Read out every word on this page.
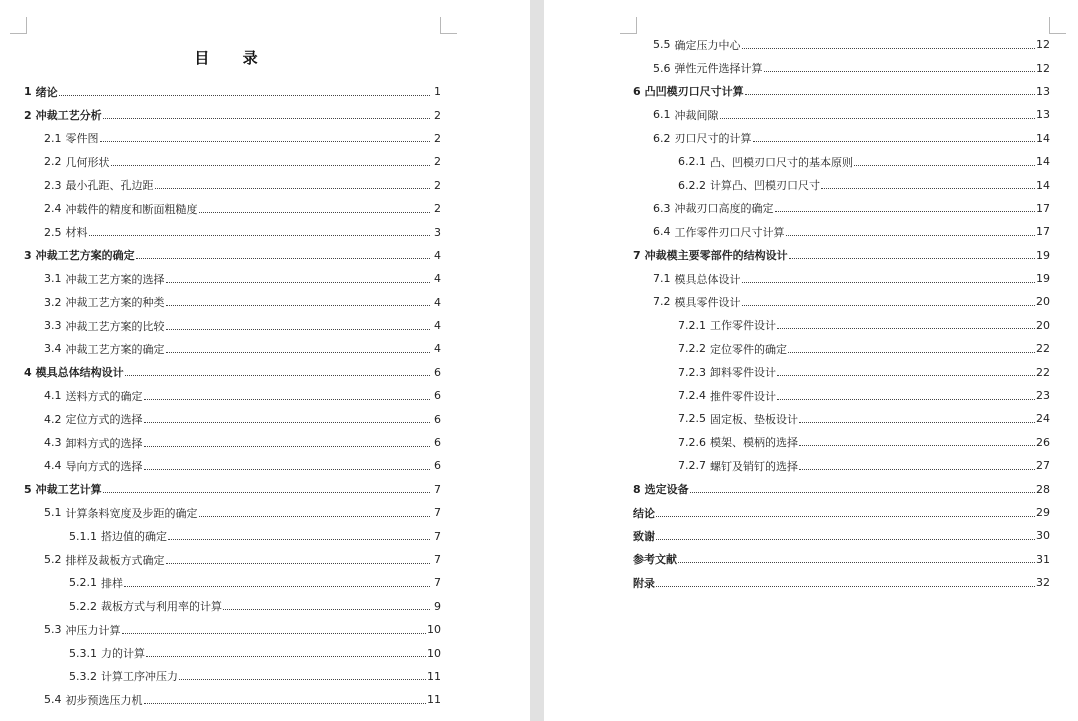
目 录
1 绪论	1
2 冲裁工艺分析	2
2.1 零件图	2
2.2 几何形状	2
2.3 最小孔距、孔边距	2
2.4 冲载件的精度和断面粗糙度	2
2.5 材料	3
3 冲裁工艺方案的确定	4
3.1 冲裁工艺方案的选择	4
3.2 冲裁工艺方案的种类	4
3.3 冲裁工艺方案的比较	4
3.4 冲裁工艺方案的确定	4
4 模具总体结构设计	6
4.1 送料方式的确定	6
4.2 定位方式的选择	6
4.3 卸料方式的选择	6
4.4 导向方式的选择	6
5 冲裁工艺计算	7
5.1 计算条料宽度及步距的确定	7
5.1.1 搭边值的确定	7
5.2 排样及裁板方式确定	7
5.2.1 排样	7
5.2.2 裁板方式与利用率的计算	9
5.3 冲压力计算	10
5.3.1 力的计算	10
5.3.2 计算工序冲压力	11
5.4 初步预选压力机	11
5.5 确定压力中心	12
5.6 弹性元件选择计算	12
6 凸凹模刃口尺寸计算	13
6.1 冲裁间隙	13
6.2 刃口尺寸的计算	14
6.2.1 凸、凹模刃口尺寸的基本原则	14
6.2.2 计算凸、凹模刃口尺寸	14
6.3 冲裁刃口高度的确定	17
6.4 工作零件刃口尺寸计算	17
7 冲裁模主要零部件的结构设计	19
7.1 模具总体设计	19
7.2 模具零件设计	20
7.2.1 工作零件设计	20
7.2.2 定位零件的确定	22
7.2.3 卸料零件设计	22
7.2.4 推件零件设计	23
7.2.5 固定板、垫板设计	24
7.2.6 模架、模柄的选择	26
7.2.7 螺钉及销钉的选择	27
8 选定设备	28
结论	29
致谢	30
参考文献	31
附录	32
